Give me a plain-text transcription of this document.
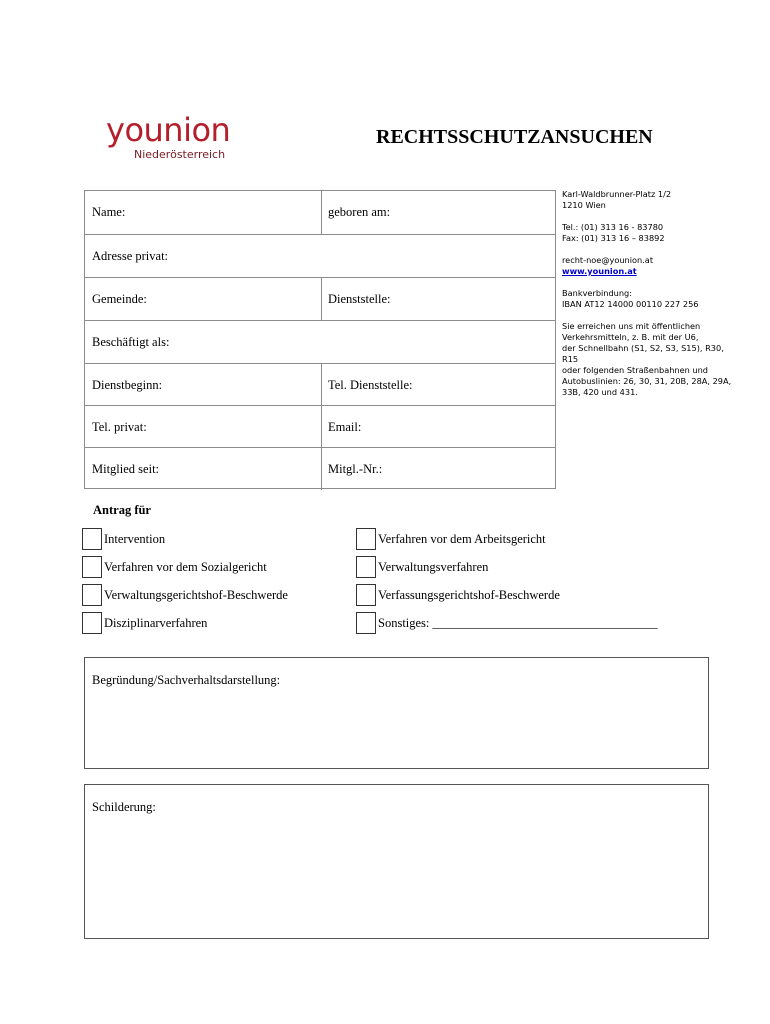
younion
Niederösterreich
RECHTSSCHUTZANSUCHEN
Name:	geboren am:
Adresse privat:
Gemeinde:	Dienststelle:
Beschäftigt als:
Dienstbeginn:	Tel. Dienststelle:
Tel. privat:	Email:
Mitglied seit:	Mitgl.-Nr.:
Karl-Waldbrunner-Platz 1/2
1210 Wien
Tel.: (01) 313 16 - 83780
Fax: (01) 313 16 – 83892
recht-noe@younion.at
www.younion.at
Bankverbindung:
IBAN AT12 14000 00110 227 256
Sie erreichen uns mit öffentlichen
Verkehrsmitteln, z. B. mit der U6,
der Schnellbahn (S1, S2, S3, S15), R30,
R15
oder folgenden Straßenbahnen und
Autobuslinien: 26, 30, 31, 20B, 28A, 29A,
33B, 420 und 431.
Antrag für
Intervention	Verfahren vor dem Arbeitsgericht
Verfahren vor dem Sozialgericht	Verwaltungsverfahren
Verwaltungsgerichtshof-Beschwerde	Verfassungsgerichtshof-Beschwerde
Disziplinarverfahren	Sonstiges: ____________________________________
Begründung/Sachverhaltsdarstellung:
Schilderung:
